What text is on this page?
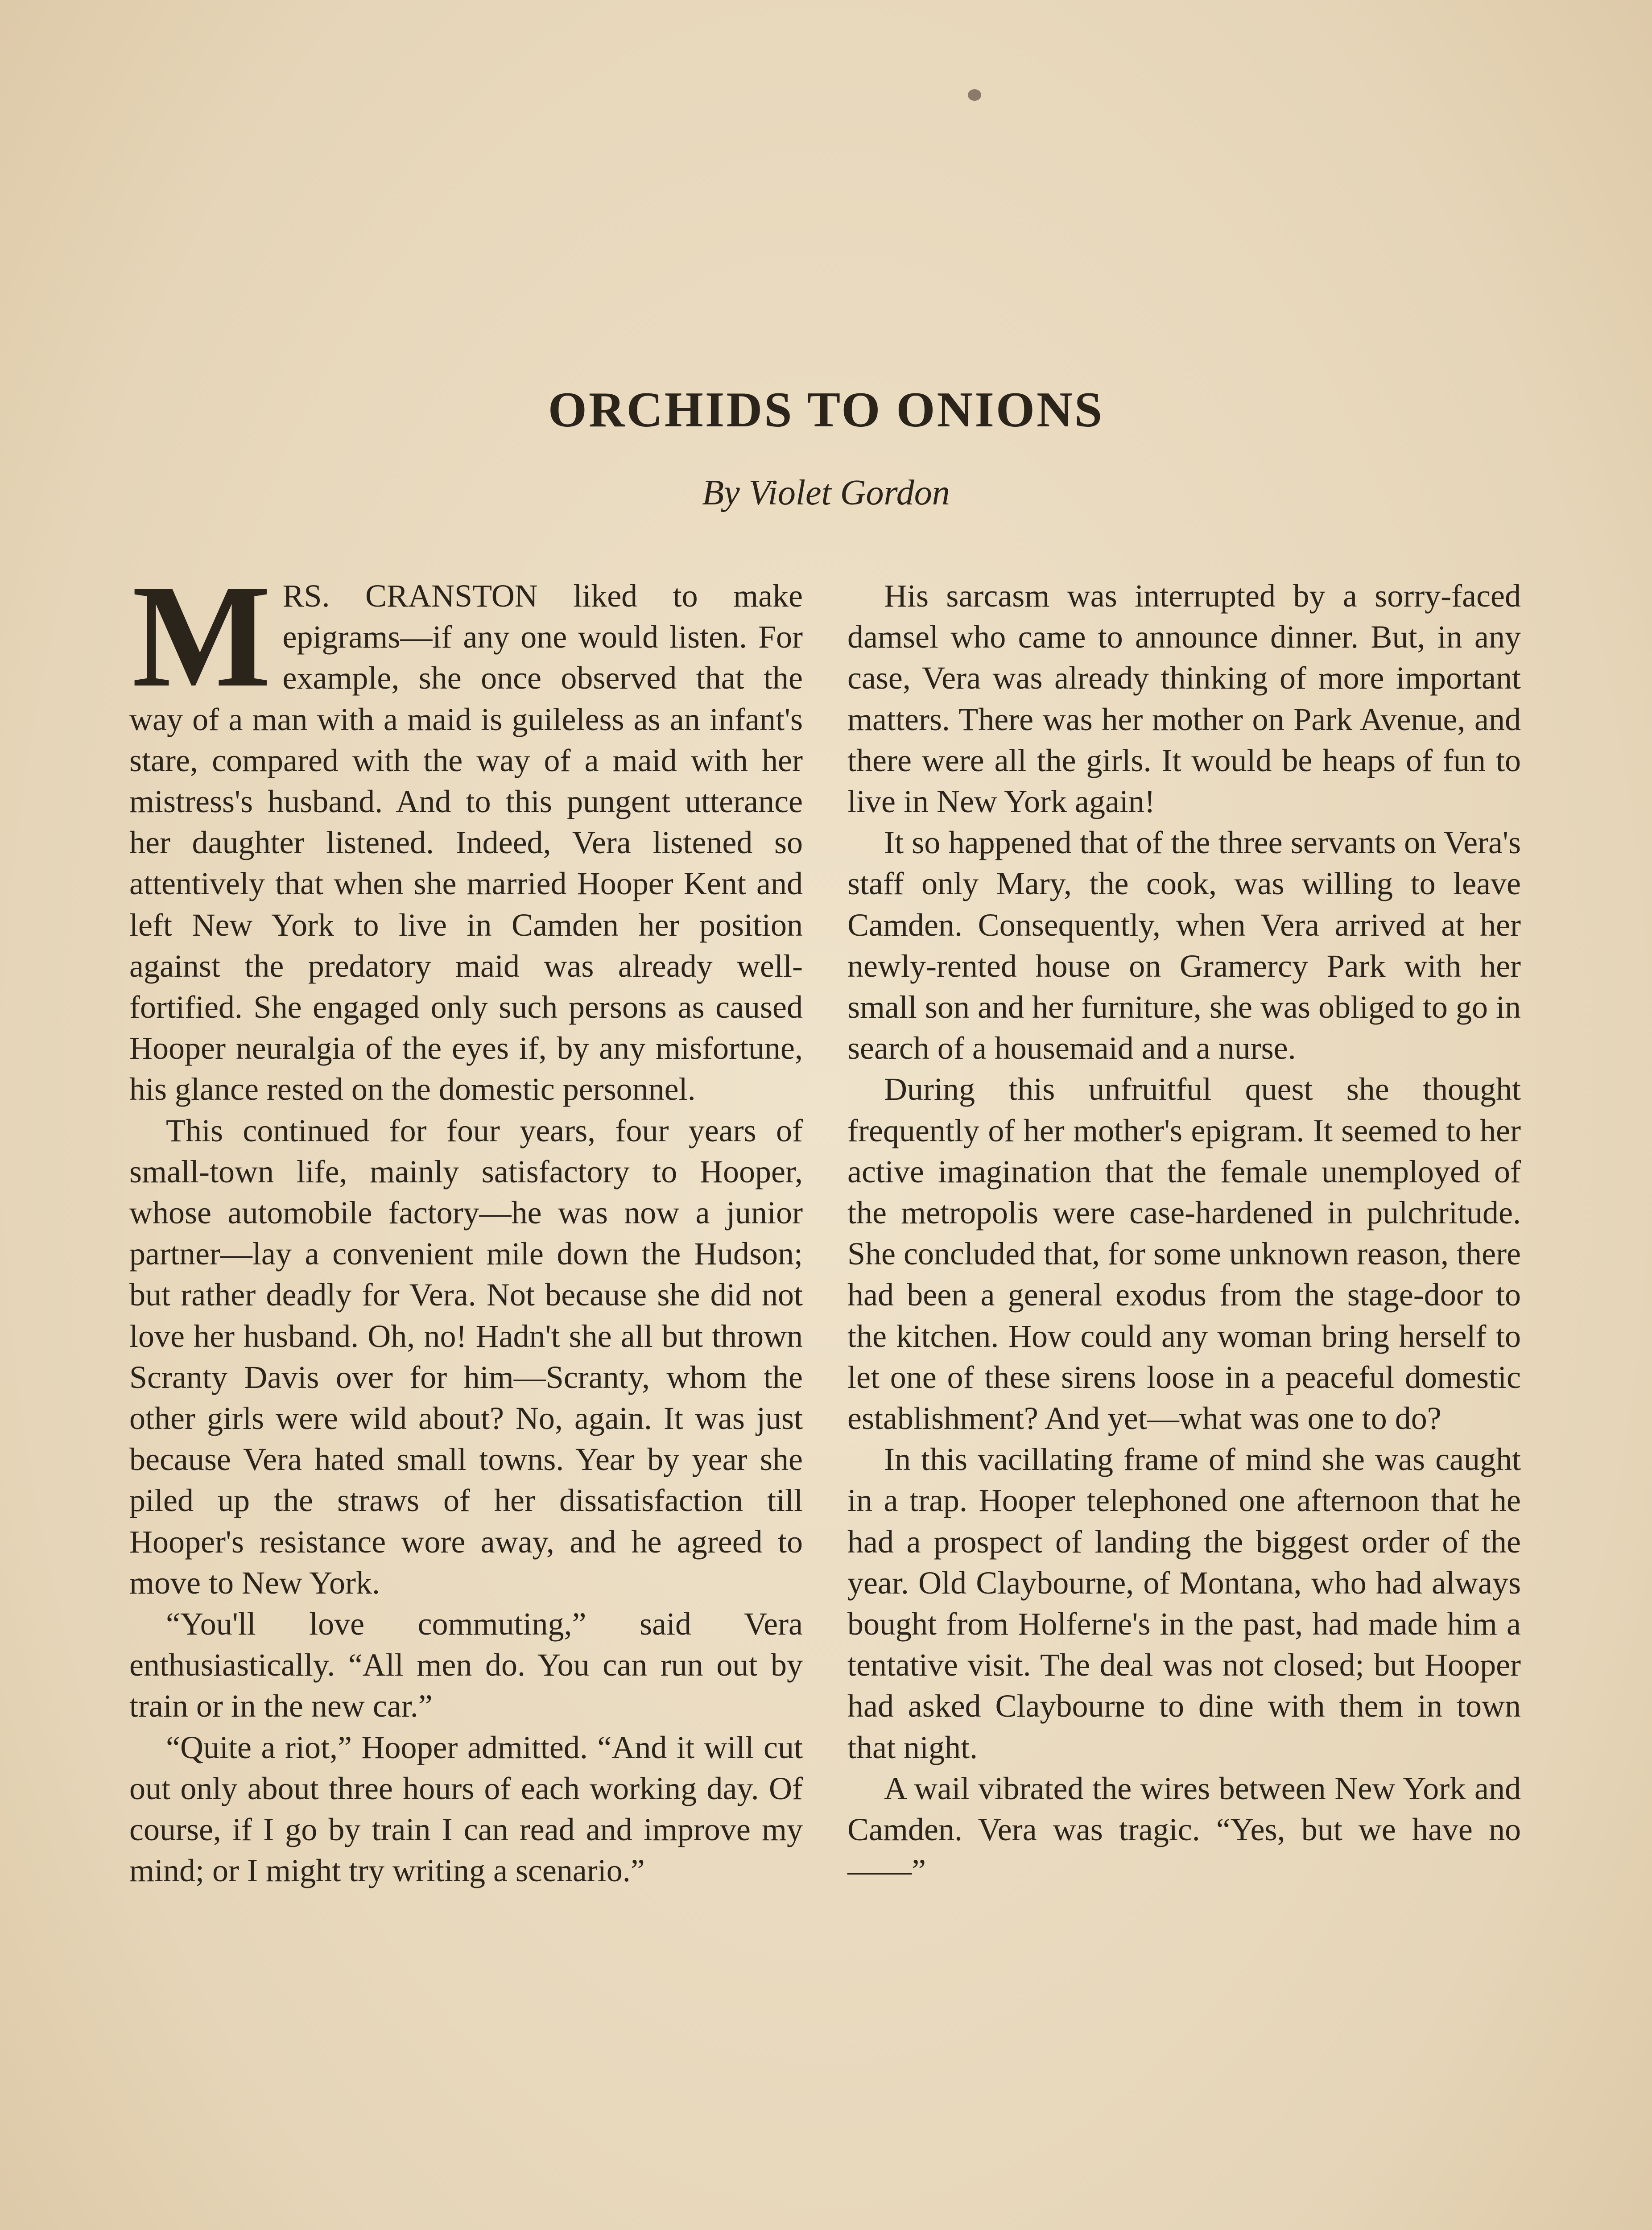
ORCHIDS TO ONIONS
By Violet Gordon

MRS. CRANSTON liked to make epigrams—if any one would listen. For example, she once observed that the way of a man with a maid is guileless as an infant's stare, compared with the way of a maid with her mistress's husband. And to this pungent utterance her daughter listened. Indeed, Vera listened so attentively that when she married Hooper Kent and left New York to live in Camden her position against the predatory maid was already well-fortified. She engaged only such persons as caused Hooper neuralgia of the eyes if, by any misfortune, his glance rested on the domestic personnel.

This continued for four years, four years of small-town life, mainly satisfactory to Hooper, whose automobile factory—he was now a junior partner—lay a convenient mile down the Hudson; but rather deadly for Vera. Not because she did not love her husband. Oh, no! Hadn't she all but thrown Scranty Davis over for him—Scranty, whom the other girls were wild about? No, again. It was just because Vera hated small towns. Year by year she piled up the straws of her dissatisfaction till Hooper's resistance wore away, and he agreed to move to New York.

“You'll love commuting,” said Vera enthusiastically. “All men do. You can run out by train or in the new car.”

“Quite a riot,” Hooper admitted. “And it will cut out only about three hours of each working day. Of course, if I go by train I can read and improve my mind; or I might try writing a scenario.”

His sarcasm was interrupted by a sorry-faced damsel who came to announce dinner. But, in any case, Vera was already thinking of more important matters. There was her mother on Park Avenue, and there were all the girls. It would be heaps of fun to live in New York again!

It so happened that of the three servants on Vera's staff only Mary, the cook, was willing to leave Camden. Consequently, when Vera arrived at her newly-rented house on Gramercy Park with her small son and her furniture, she was obliged to go in search of a housemaid and a nurse.

During this unfruitful quest she thought frequently of her mother's epigram. It seemed to her active imagination that the female unemployed of the metropolis were case-hardened in pulchritude. She concluded that, for some unknown reason, there had been a general exodus from the stage-door to the kitchen. How could any woman bring herself to let one of these sirens loose in a peaceful domestic establishment? And yet—what was one to do?

In this vacillating frame of mind she was caught in a trap. Hooper telephoned one afternoon that he had a prospect of landing the biggest order of the year. Old Claybourne, of Montana, who had always bought from Holferne's in the past, had made him a tentative visit. The deal was not closed; but Hooper had asked Claybourne to dine with them in town that night.

A wail vibrated the wires between New York and Camden. Vera was tragic. “Yes, but we have no——”
